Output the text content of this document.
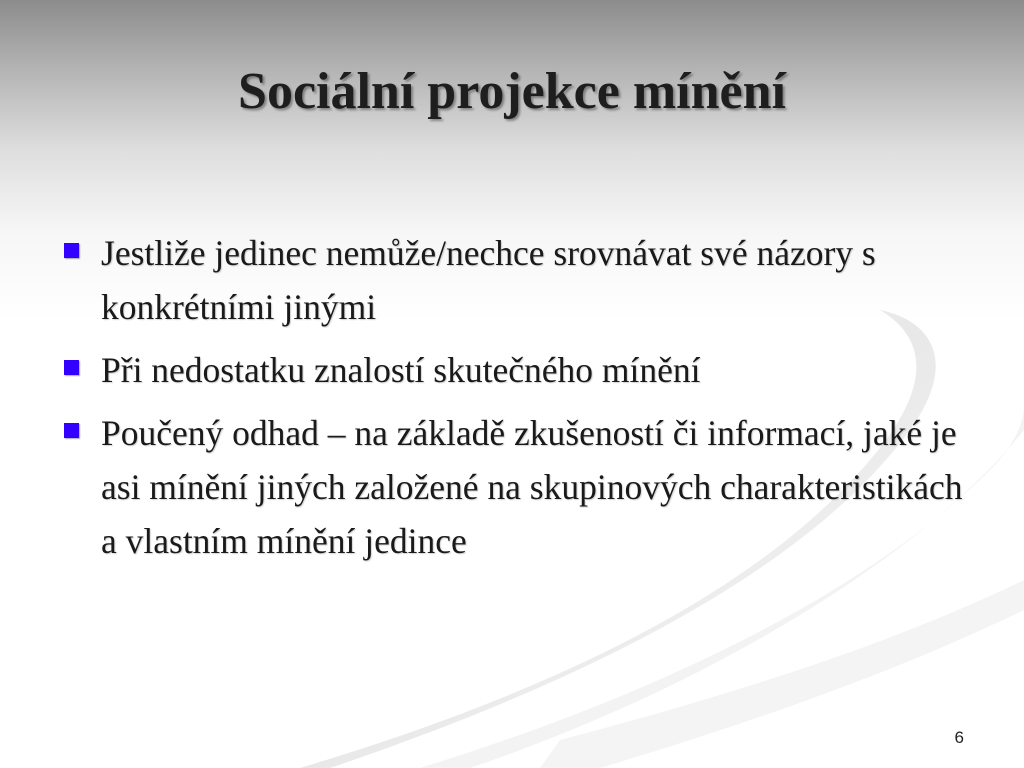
Sociální projekce mínění
Jestliže jedinec nemůže/nechce srovnávat své názory s konkrétními jinými
Při nedostatku znalostí skutečného mínění
Poučený odhad – na základě zkušeností či informací, jaké je asi mínění jiných založené na skupinových charakteristikách a vlastním mínění jedince
6
